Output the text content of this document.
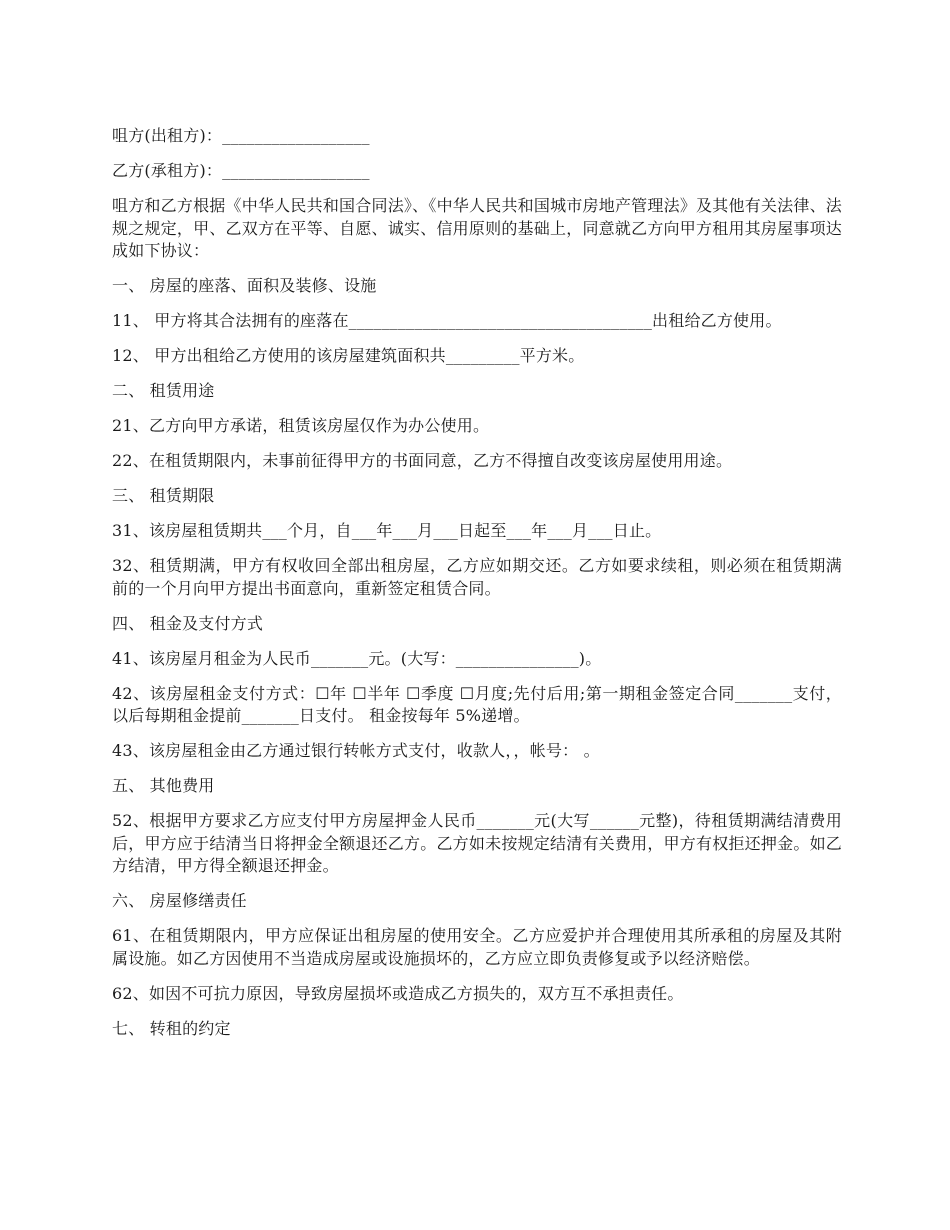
咀方(出租方)：__________________

乙方(承租方)：__________________

咀方和乙方根据《中华人民共和国合同法》、《中华人民共和国城市房地产管理法》及其他有关法律、法规之规定，甲、乙双方在平等、自愿、诚实、信用原则的基础上，同意就乙方向甲方租用其房屋事项达成如下协议：

一、 房屋的座落、面积及装修、设施

11、 甲方将其合法拥有的座落在_____________________________________出租给乙方使用。

12、 甲方出租给乙方使用的该房屋建筑面积共_________平方米。

二、 租赁用途

21、乙方向甲方承诺，租赁该房屋仅作为办公使用。

22、在租赁期限内，未事前征得甲方的书面同意，乙方不得擅自改变该房屋使用用途。

三、 租赁期限

31、该房屋租赁期共___个月，自___年___月___日起至___年___月___日止。

32、租赁期满，甲方有权收回全部出租房屋，乙方应如期交还。乙方如要求续租，则必须在租赁期满前的一个月向甲方提出书面意向，重新签定租赁合同。

四、 租金及支付方式

41、该房屋月租金为人民币_______元。(大写：_______________)。

42、该房屋租金支付方式：☐年 ☐半年 ☐季度 ☐月度;先付后用;第一期租金签定合同_______支付，以后每期租金提前_______日支付。 租金按每年 5%递增。

43、该房屋租金由乙方通过银行转帐方式支付，收款人，，帐号： 。

五、 其他费用

52、根据甲方要求乙方应支付甲方房屋押金人民币_______元(大写______元整)，待租赁期满结清费用后，甲方应于结清当日将押金全额退还乙方。乙方如未按规定结清有关费用，甲方有权拒还押金。如乙方结清，甲方得全额退还押金。

六、 房屋修缮责任

61、在租赁期限内，甲方应保证出租房屋的使用安全。乙方应爱护并合理使用其所承租的房屋及其附属设施。如乙方因使用不当造成房屋或设施损坏的，乙方应立即负责修复或予以经济赔偿。

62、如因不可抗力原因，导致房屋损坏或造成乙方损失的，双方互不承担责任。

七、 转租的约定
